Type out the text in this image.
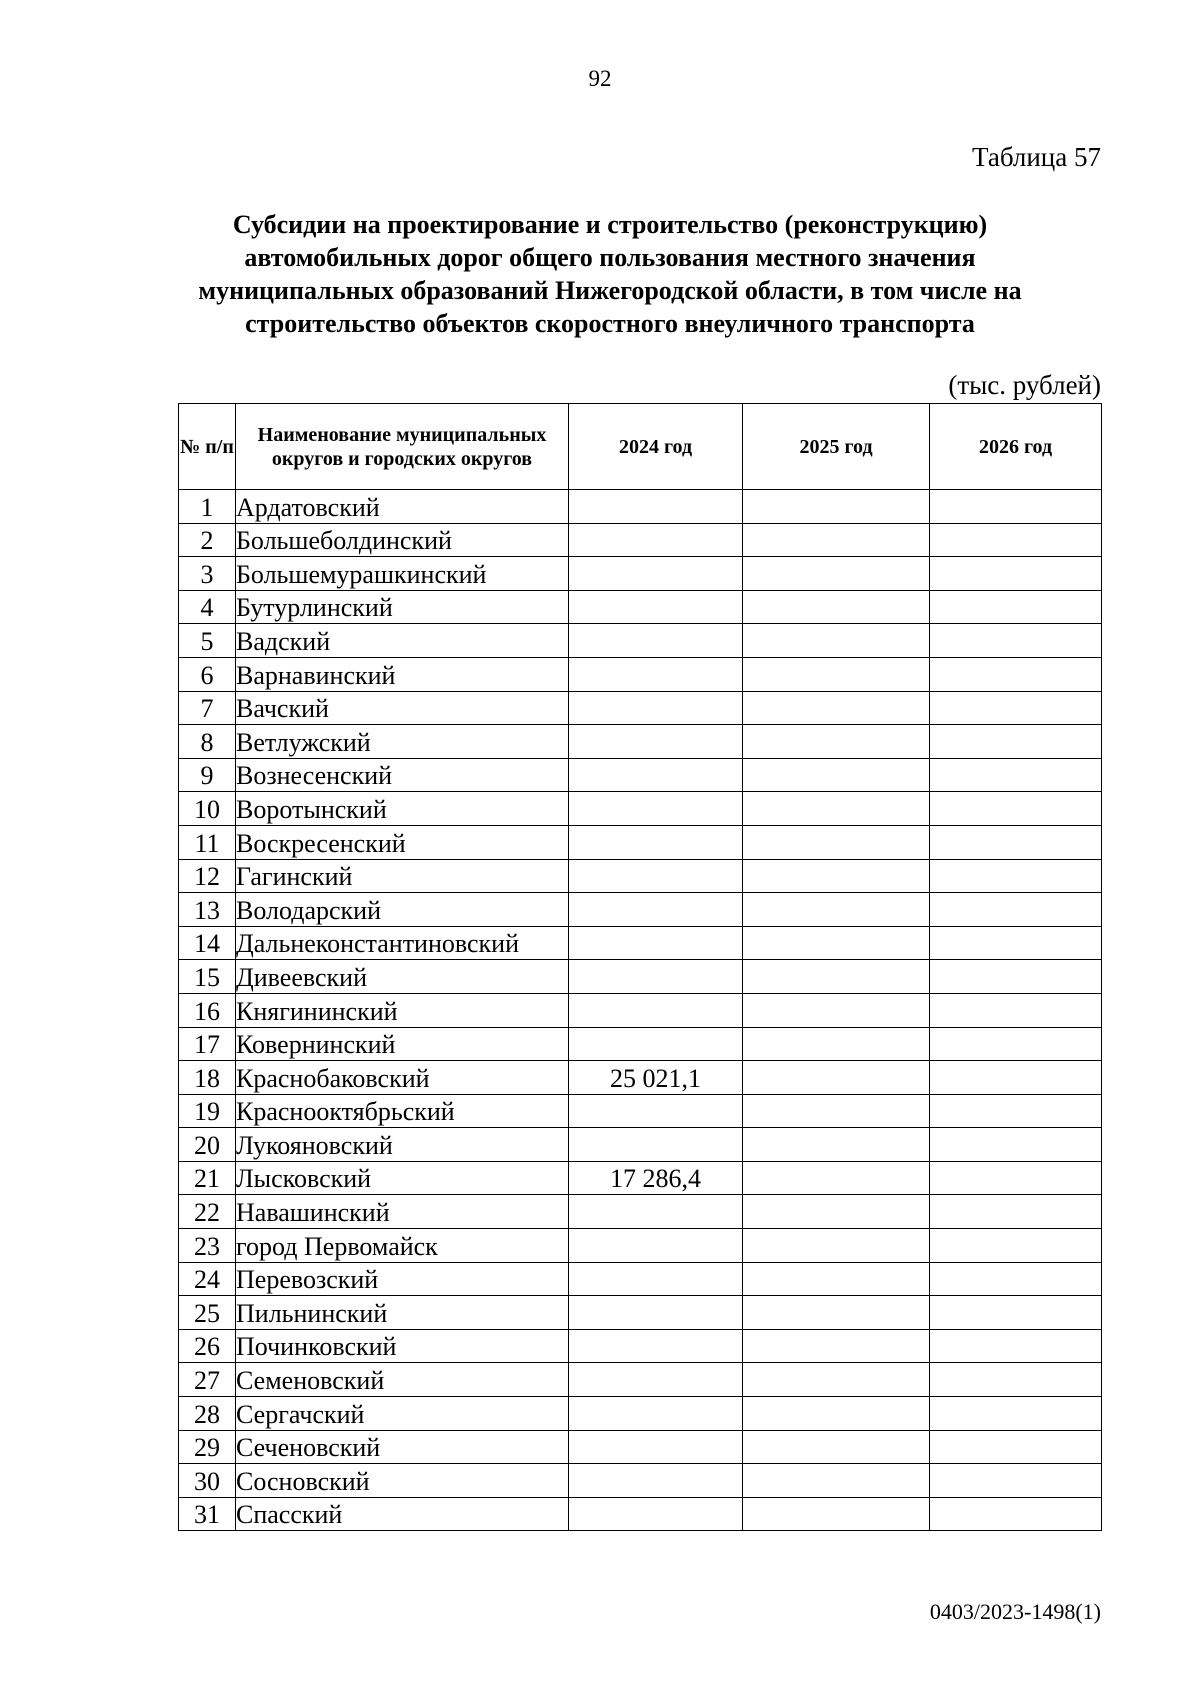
92
Таблица 57
Субсидии на проектирование и строительство (реконструкцию) автомобильных дорог общего пользования местного значения муниципальных образований Нижегородской области, в том числе на строительство объектов скоростного внеуличного транспорта
(тыс. рублей)
№ п/п	Наименование муниципальных округов и городских округов	2024 год	2025 год	2026 год
1	Ардатовский			
2	Большеболдинский			
3	Большемурашкинский			
4	Бутурлинский			
5	Вадский			
6	Варнавинский			
7	Вачский			
8	Ветлужский			
9	Вознесенский			
10	Воротынский			
11	Воскресенский			
12	Гагинский			
13	Володарский			
14	Дальнеконстантиновский			
15	Дивеевский			
16	Княгининский			
17	Ковернинский			
18	Краснобаковский	25 021,1		
19	Краснооктябрьский			
20	Лукояновский			
21	Лысковский	17 286,4		
22	Навашинский			
23	город Первомайск			
24	Перевозский			
25	Пильнинский			
26	Починковский			
27	Семеновский			
28	Сергачский			
29	Сеченовский			
30	Сосновский			
31	Спасский			
0403/2023-1498(1)
